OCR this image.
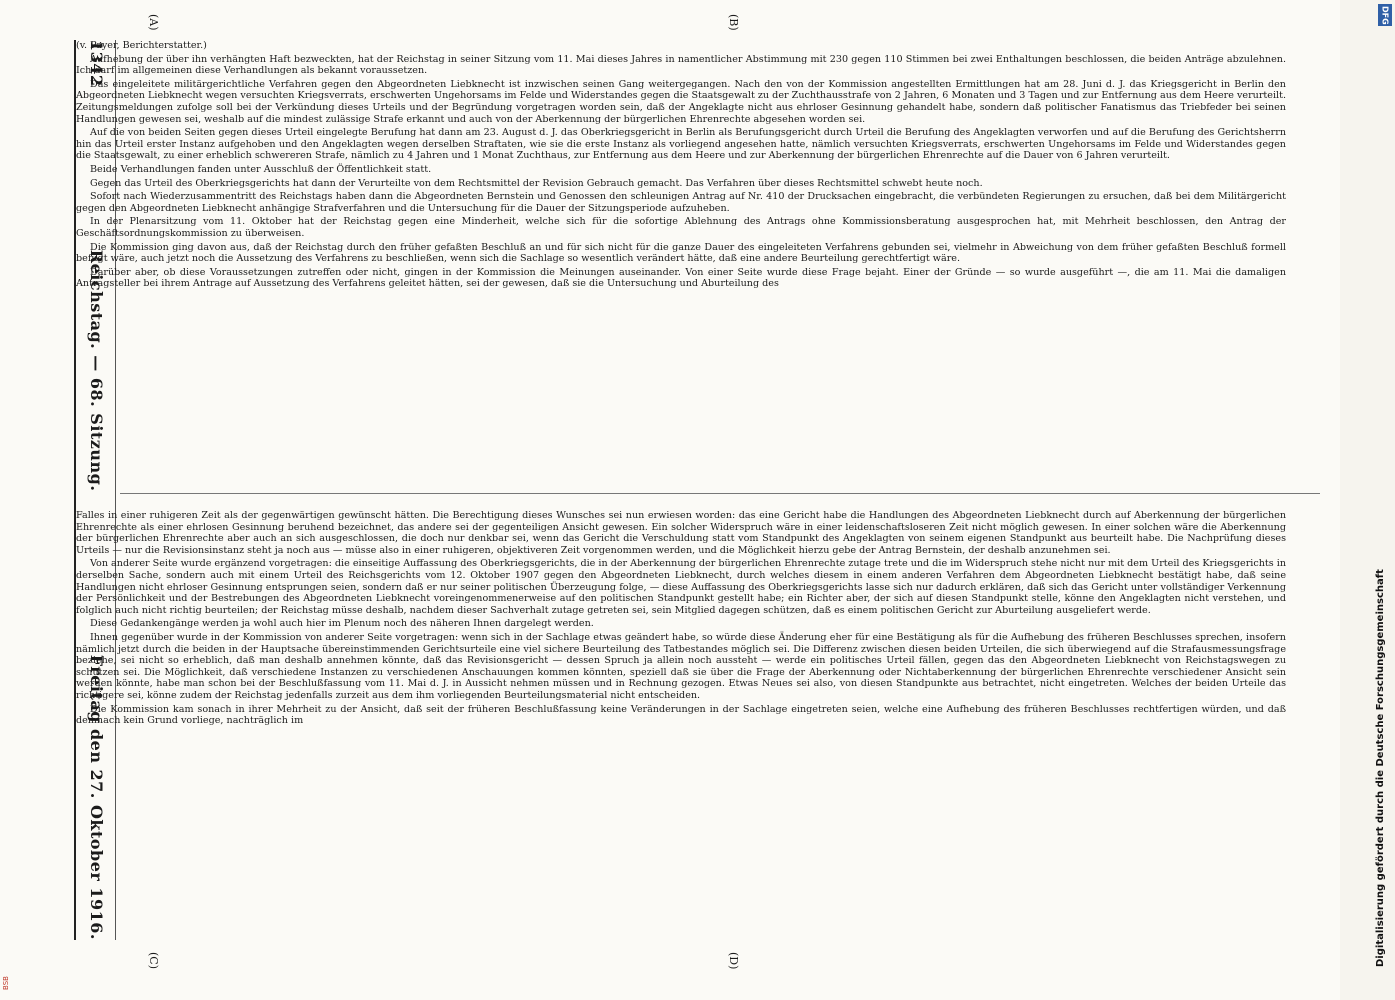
1342
Reichstag. — 68. Sitzung.
Freitag den 27. Oktober 1916.
(A)	(B)
(C)	(D)

(v. Payer, Berichterstatter.)

Aufhebung der über ihn verhängten Haft bezweckten, hat der Reichstag in seiner Sitzung vom 11. Mai dieses Jahres in namentlicher Abstimmung mit 230 gegen 110 Stimmen bei zwei Enthaltungen beschlossen, die beiden Anträge abzulehnen. Ich darf im allgemeinen diese Verhandlungen als bekannt voraussetzen.

Das eingeleitete militärgerichtliche Verfahren gegen den Abgeordneten Liebknecht ist inzwischen seinen Gang weitergegangen. Nach den von der Kommission angestellten Ermittlungen hat am 28. Juni d. J. das Kriegsgericht in Berlin den Abgeordneten Liebknecht wegen versuchten Kriegsverrats, erschwerten Ungehorsams im Felde und Widerstandes gegen die Staatsgewalt zu der Zuchthausstrafe von 2 Jahren, 6 Monaten und 3 Tagen und zur Entfernung aus dem Heere verurteilt. Zeitungsmeldungen zufolge soll bei der Verkündung dieses Urteils und der Begründung vorgetragen worden sein, daß der Angeklagte nicht aus ehrloser Gesinnung gehandelt habe, sondern daß politischer Fanatismus das Triebfeder bei seinen Handlungen gewesen sei, weshalb auf die mindest zulässige Strafe erkannt und auch von der Aberkennung der bürgerlichen Ehrenrechte abgesehen worden sei.

Auf die von beiden Seiten gegen dieses Urteil eingelegte Berufung hat dann am 23. August d. J. das Oberkriegsgericht in Berlin als Berufungsgericht durch Urteil die Berufung des Angeklagten verworfen und auf die Berufung des Gerichtsherrn hin das Urteil erster Instanz aufgehoben und den Angeklagten wegen derselben Straftaten, wie sie die erste Instanz als vorliegend angesehen hatte, nämlich versuchten Kriegsverrats, erschwerten Ungehorsams im Felde und Widerstandes gegen die Staatsgewalt, zu einer erheblich schwereren Strafe, nämlich zu 4 Jahren und 1 Monat Zuchthaus, zur Entfernung aus dem Heere und zur Aberkennung der bürgerlichen Ehrenrechte auf die Dauer von 6 Jahren verurteilt.

Beide Verhandlungen fanden unter Ausschluß der Öffentlichkeit statt.

Gegen das Urteil des Oberkriegsgerichts hat dann der Verurteilte von dem Rechtsmittel der Revision Gebrauch gemacht. Das Verfahren über dieses Rechtsmittel schwebt heute noch.

Sofort nach Wiederzusammentritt des Reichstags haben dann die Abgeordneten Bernstein und Genossen den schleunigen Antrag auf Nr. 410 der Drucksachen eingebracht, die verbündeten Regierungen zu ersuchen, daß bei dem Militärgericht gegen den Abgeordneten Liebknecht anhängige Strafverfahren und die Untersuchung für die Dauer der Sitzungsperiode aufzuheben.

In der Plenarsitzung vom 11. Oktober hat der Reichstag gegen eine Minderheit, welche sich für die sofortige Ablehnung des Antrags ohne Kommissionsberatung ausgesprochen hat, mit Mehrheit beschlossen, den Antrag der Geschäftsordnungskommission zu überweisen.

Die Kommission ging davon aus, daß der Reichstag durch den früher gefaßten Beschluß an und für sich nicht für die ganze Dauer des eingeleiteten Verfahrens gebunden sei, vielmehr in Abweichung von dem früher gefaßten Beschluß formell befugt wäre, auch jetzt noch die Aussetzung des Verfahrens zu beschließen, wenn sich die Sachlage so wesentlich verändert hätte, daß eine andere Beurteilung gerechtfertigt wäre.

Darüber aber, ob diese Voraussetzungen zutreffen oder nicht, gingen in der Kommission die Meinungen auseinander. Von einer Seite wurde diese Frage bejaht. Einer der Gründe — so wurde ausgeführt —, die am 11. Mai die damaligen Antragsteller bei ihrem Antrage auf Aussetzung des Verfahrens geleitet hätten, sei der gewesen, daß sie die Untersuchung und Aburteilung des

Falles in einer ruhigeren Zeit als der gegenwärtigen gewünscht hätten. Die Berechtigung dieses Wunsches sei nun erwiesen worden: das eine Gericht habe die Handlungen des Abgeordneten Liebknecht durch auf Aberkennung der bürgerlichen Ehrenrechte als einer ehrlosen Gesinnung beruhend bezeichnet, das andere sei der gegenteiligen Ansicht gewesen. Ein solcher Widerspruch wäre in einer leidenschaftsloseren Zeit nicht möglich gewesen. In einer solchen wäre die Aberkennung der bürgerlichen Ehrenrechte aber auch an sich ausgeschlossen, die doch nur denkbar sei, wenn das Gericht die Verschuldung statt vom Standpunkt des Angeklagten von seinem eigenen Standpunkt aus beurteilt habe. Die Nachprüfung dieses Urteils — nur die Revisionsinstanz steht ja noch aus — müsse also in einer ruhigeren, objektiveren Zeit vorgenommen werden, und die Möglichkeit hierzu gebe der Antrag Bernstein, der deshalb anzunehmen sei.

Von anderer Seite wurde ergänzend vorgetragen: die einseitige Auffassung des Oberkriegsgerichts, die in der Aberkennung der bürgerlichen Ehrenrechte zutage trete und die im Widerspruch stehe nicht nur mit dem Urteil des Kriegsgerichts in derselben Sache, sondern auch mit einem Urteil des Reichsgerichts vom 12. Oktober 1907 gegen den Abgeordneten Liebknecht, durch welches diesem in einem anderen Verfahren dem Abgeordneten Liebknecht bestätigt habe, daß seine Handlungen nicht ehrloser Gesinnung entsprungen seien, sondern daß er nur seiner politischen Überzeugung folge, — diese Auffassung des Oberkriegsgerichts lasse sich nur dadurch erklären, daß sich das Gericht unter vollständiger Verkennung der Persönlichkeit und der Bestrebungen des Abgeordneten Liebknecht voreingenommenerweise auf den politischen Standpunkt gestellt habe; ein Richter aber, der sich auf diesen Standpunkt stelle, könne den Angeklagten nicht verstehen, und folglich auch nicht richtig beurteilen; der Reichstag müsse deshalb, nachdem dieser Sachverhalt zutage getreten sei, sein Mitglied dagegen schützen, daß es einem politischen Gericht zur Aburteilung ausgeliefert werde.

Diese Gedankengänge werden ja wohl auch hier im Plenum noch des näheren Ihnen dargelegt werden.

Ihnen gegenüber wurde in der Kommission von anderer Seite vorgetragen: wenn sich in der Sachlage etwas geändert habe, so würde diese Änderung eher für eine Bestätigung als für die Aufhebung des früheren Beschlusses sprechen, insofern nämlich jetzt durch die beiden in der Hauptsache übereinstimmenden Gerichtsurteile eine viel sichere Beurteilung des Tatbestandes möglich sei. Die Differenz zwischen diesen beiden Urteilen, die sich überwiegend auf die Strafausmessungsfrage beziehe, sei nicht so erheblich, daß man deshalb annehmen könnte, daß das Revisionsgericht — dessen Spruch ja allein noch aussteht — werde ein politisches Urteil fällen, gegen das den Abgeordneten Liebknecht von Reichstagswegen zu schützen sei. Die Möglichkeit, daß verschiedene Instanzen zu verschiedenen Anschauungen kommen könnten, speziell daß sie über die Frage der Aberkennung oder Nichtaberkennung der bürgerlichen Ehrenrechte verschiedener Ansicht sein werden könnte, habe man schon bei der Beschlußfassung vom 11. Mai d. J. in Aussicht nehmen müssen und in Rechnung gezogen. Etwas Neues sei also, von diesen Standpunkte aus betrachtet, nicht eingetreten. Welches der beiden Urteile das richtigere sei, könne zudem der Reichstag jedenfalls zurzeit aus dem ihm vorliegenden Beurteilungsmaterial nicht entscheiden.

Die Kommission kam sonach in ihrer Mehrheit zu der Ansicht, daß seit der früheren Beschlußfassung keine Veränderungen in der Sachlage eingetreten seien, welche eine Aufhebung des früheren Beschlusses rechtfertigen würden, und daß demnach kein Grund vorliege, nachträglich im

DFG
Digitalisierung gefördert durch die Deutsche Forschungsgemeinschaft
BSB
